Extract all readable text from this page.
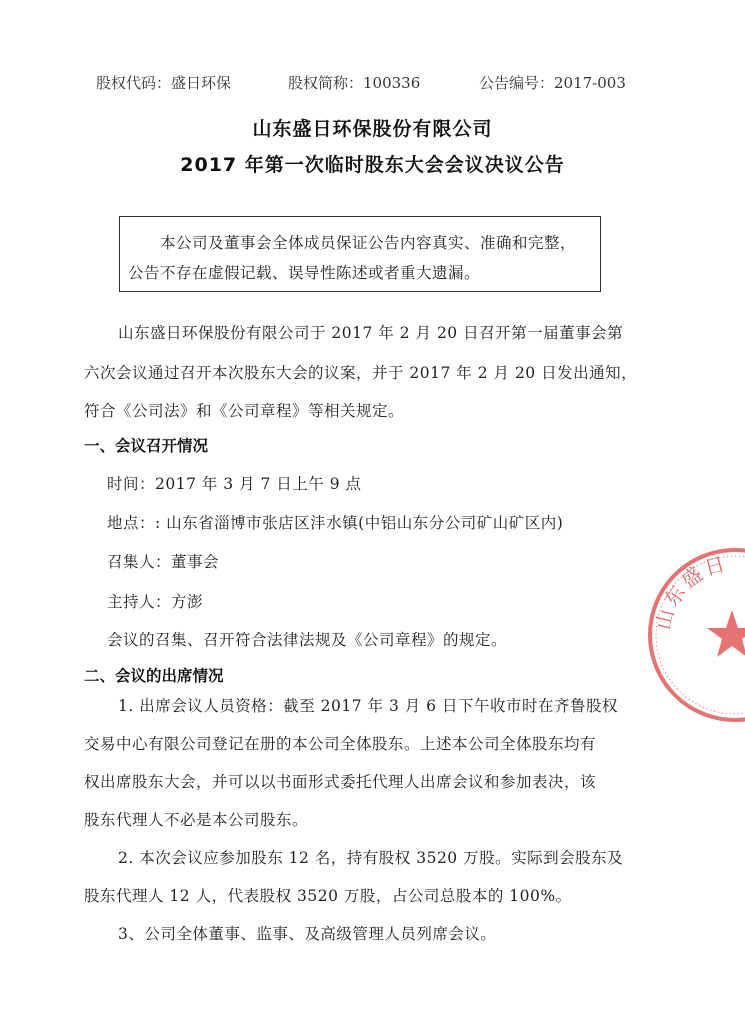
股权代码：盛日环保	股权简称：100336	公告编号：2017-003
山东盛日环保股份有限公司
2017 年第一次临时股东大会会议决议公告

本公司及董事会全体成员保证公告内容真实、准确和完整，

公告不存在虚假记载、误导性陈述或者重大遗漏。

山东盛日环保股份有限公司于 2017 年 2 月 20 日召开第一届董事会第

六次会议通过召开本次股东大会的议案，并于 2017 年 2 月 20 日发出通知，

符合《公司法》和《公司章程》等相关规定。

一、会议召开情况

时间：2017 年 3 月 7 日上午 9 点

地点：: 山东省淄博市张店区沣水镇(中铝山东分公司矿山矿区内)

召集人：董事会

主持人：方澎

会议的召集、召开符合法律法规及《公司章程》的规定。

二、会议的出席情况

1. 出席会议人员资格：截至 2017 年 3 月 6 日下午收市时在齐鲁股权

交易中心有限公司登记在册的本公司全体股东。上述本公司全体股东均有

权出席股东大会，并可以以书面形式委托代理人出席会议和参加表决，该

股东代理人不必是本公司股东。

2. 本次会议应参加股东 12 名，持有股权 3520 万股。实际到会股东及

股东代理人 12 人，代表股权 3520 万股，占公司总股本的 100%。

3、公司全体董事、监事、及高级管理人员列席会议。

山东盛日
